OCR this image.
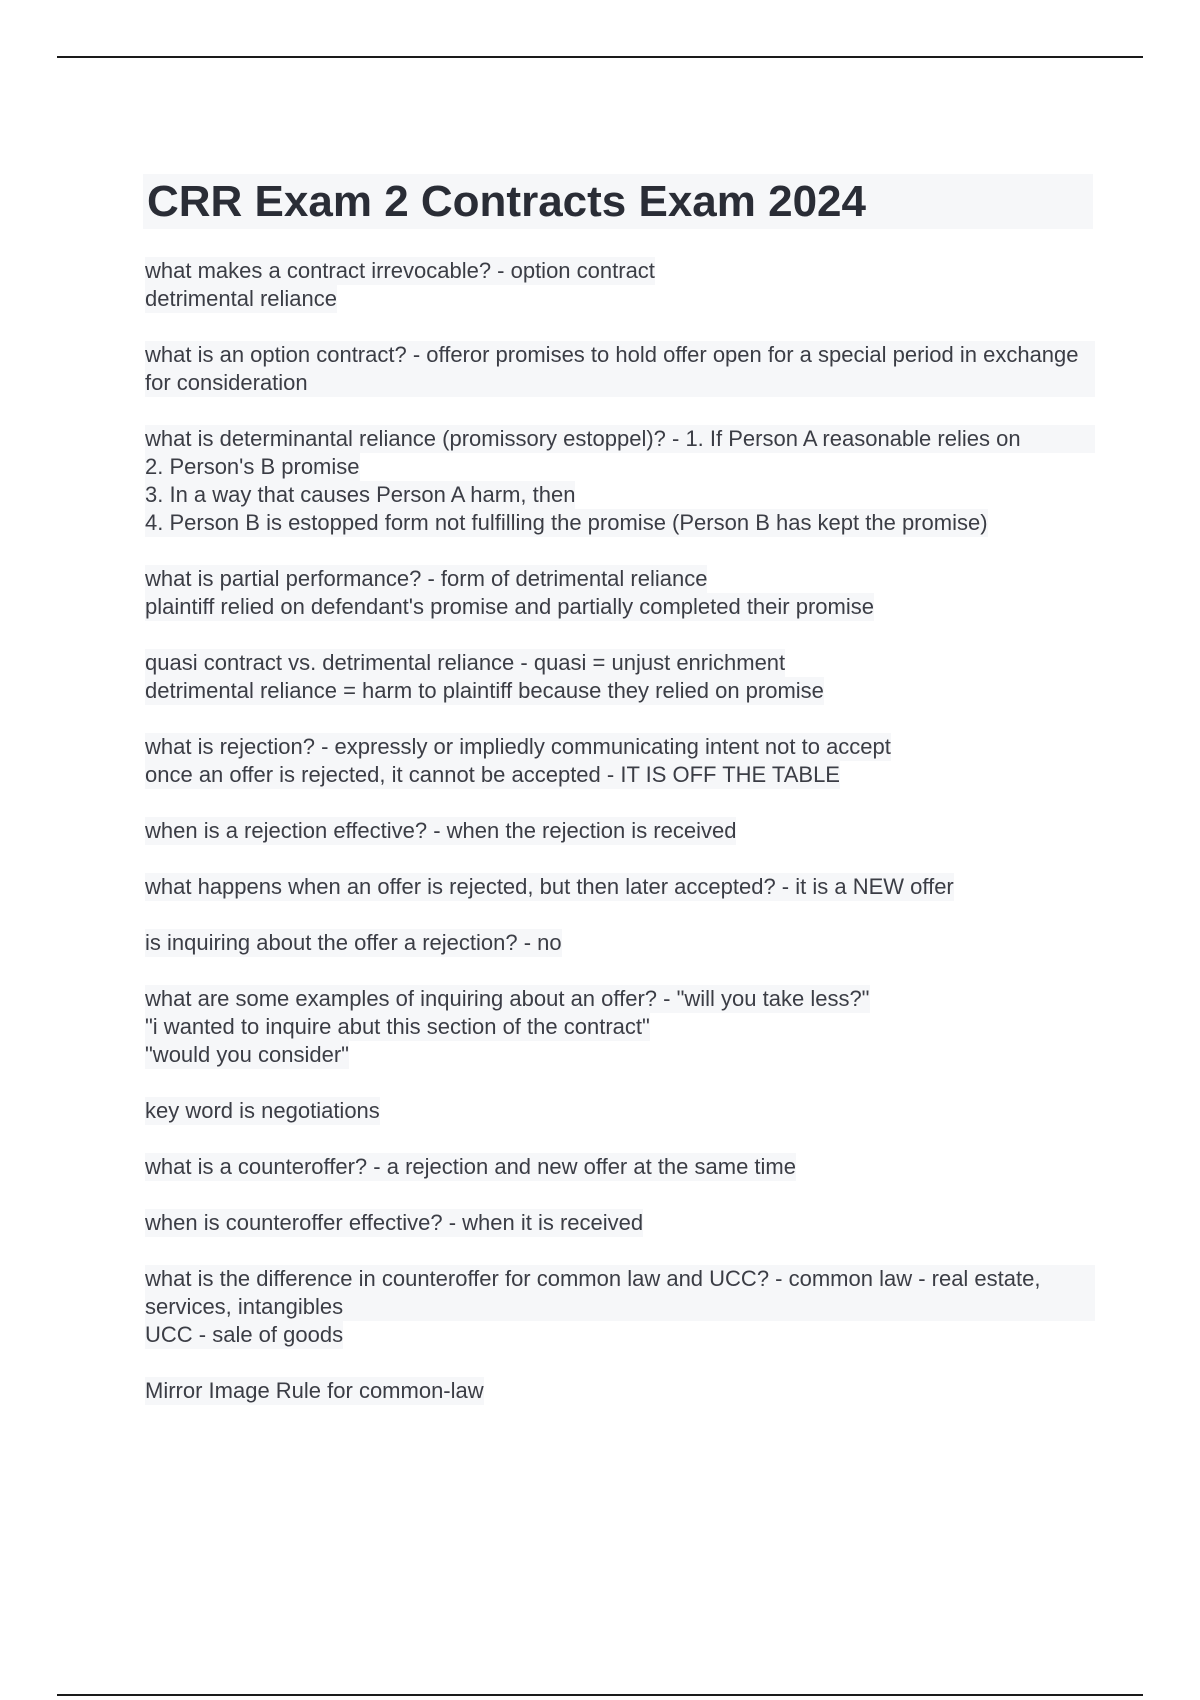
CRR Exam 2 Contracts Exam 2024
what makes a contract irrevocable? - option contract
detrimental reliance
what is an option contract? - offeror promises to hold offer open for a special period in exchange for consideration
what is determinantal reliance (promissory estoppel)? - 1. If Person A reasonable relies on
2. Person's B promise
3. In a way that causes Person A harm, then
4. Person B is estopped form not fulfilling the promise (Person B has kept the promise)
what is partial performance? - form of detrimental reliance
plaintiff relied on defendant's promise and partially completed their promise
quasi contract vs. detrimental reliance - quasi = unjust enrichment
detrimental reliance = harm to plaintiff because they relied on promise
what is rejection? - expressly or impliedly communicating intent not to accept
once an offer is rejected, it cannot be accepted - IT IS OFF THE TABLE
when is a rejection effective? - when the rejection is received
what happens when an offer is rejected, but then later accepted? - it is a NEW offer
is inquiring about the offer a rejection? - no
what are some examples of inquiring about an offer? - "will you take less?"
"i wanted to inquire abut this section of the contract"
"would you consider"
key word is negotiations
what is a counteroffer? - a rejection and new offer at the same time
when is counteroffer effective? - when it is received
what is the difference in counteroffer for common law and UCC? - common law - real estate, services, intangibles
UCC - sale of goods
Mirror Image Rule for common-law
